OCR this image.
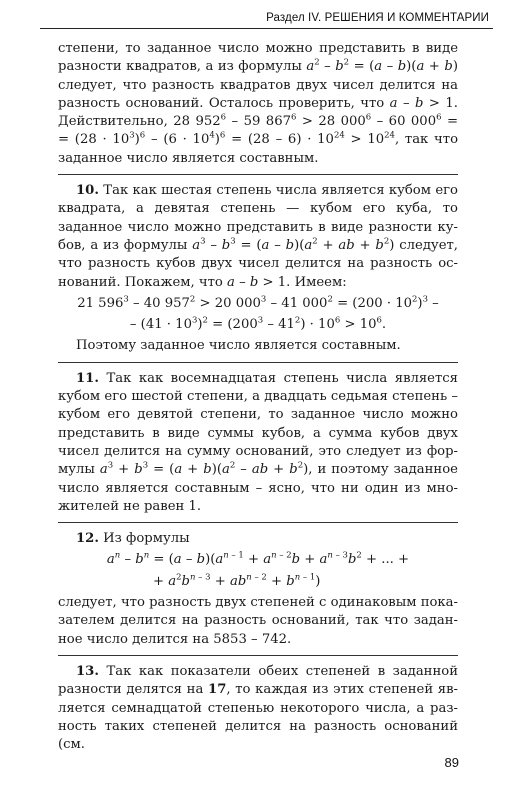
Раздел IV. РЕШЕНИЯ И КОММЕНТАРИИ

степени, то заданное число можно представить в виде разности квадратов, а из формулы $a^2 - b^2 = (a - b)(a + b)$ следует, что разность квадратов двух чисел делится на разность оснований. Осталось проверить, что a – b > 1. Действительно, 28 $952^6 - 59$ $867^6 > 28$ $000^6 - 60$ $000^6$ = = $(28 \cdot 10^3)^6 - (6 \cdot 10^4)^6 = (28 - 6) \cdot 10^{24} > 10^{24}$, так что заданное число является составным.

10. Так как шестая степень числа является кубом его квадрата, а девятая степень — кубом его куба, то заданное число можно представить в виде разности ку- бов, а из формулы $a^3 - b^3 = (a - b)(a^2$ + ab + $b^2$) следует, что разность кубов двух чисел делится на разность ос- нований. Покажем, что a – b > 1. Имеем:

21 $596^3 - 40$ $957^2 > 20$ $000^3 - 41$ $000^2 = (200 \cdot 10^2)^3$ –
– $(41 \cdot 10^3)^2 = (200^3 - 41^2) \cdot 10^6 > 10^6$.

Поэтому заданное число является составным.

11. Так как восемнадцатая степень числа является кубом его шестой степени, а двадцать седьмая степень – кубом его девятой степени, то заданное число можно представить в виде суммы кубов, а сумма кубов двух чисел делится на сумму оснований, это следует из фор- мулы $a^3 + b^3 = (a + b)(a^2$ – ab + $b^2$), и поэтому заданное число является составным – ясно, что ни один из мно- жителей не равен 1.

12. Из формулы

$a^n - b^n = (a - b)(a^{n - 1} + a^{n - 2}b + a^{n - 3}b^2$ + ... +
+ $a^2b^{n - 3} + ab^{n - 2} + b^{n - 1}$)

следует, что разность двух степеней с одинаковым пока- зателем делится на разность оснований, так что задан- ное число делится на 5853 – 742.

13. Так как показатели обеих степеней в заданной разности делятся на 17, то каждая из этих степеней яв- ляется семнадцатой степенью некоторого числа, а раз- ность таких степеней делится на разность оснований (см.

89
